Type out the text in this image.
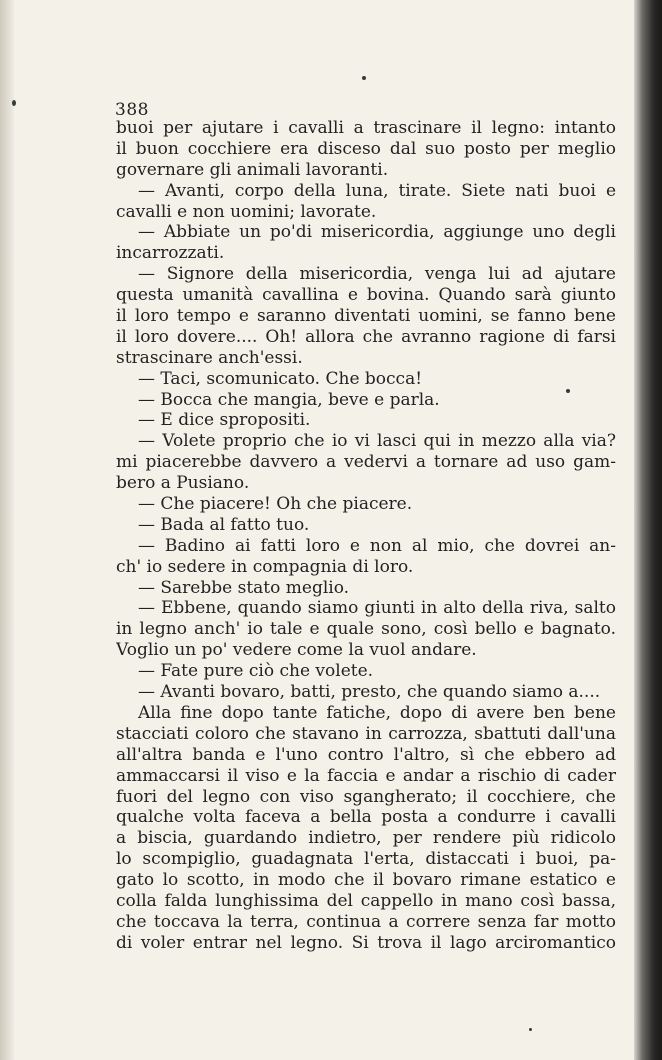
388
buoi per ajutare i cavalli a trascinare il legno: intanto
il buon cocchiere era disceso dal suo posto per meglio
governare gli animali lavoranti.
— Avanti, corpo della luna, tirate. Siete nati buoi e
cavalli e non uomini; lavorate.
— Abbiate un po'di misericordia, aggiunge uno degli
incarrozzati.
— Signore della misericordia, venga lui ad ajutare
questa umanità cavallina e bovina. Quando sarà giunto
il loro tempo e saranno diventati uomini, se fanno bene
il loro dovere.... Oh! allora che avranno ragione di farsi
strascinare anch'essi.
— Taci, scomunicato. Che bocca!
— Bocca che mangia, beve e parla.
— E dice spropositi.
— Volete proprio che io vi lasci qui in mezzo alla via?
mi piacerebbe davvero a vedervi a tornare ad uso gam-
bero a Pusiano.
— Che piacere! Oh che piacere.
— Bada al fatto tuo.
— Badino ai fatti loro e non al mio, che dovrei an-
ch' io sedere in compagnia di loro.
— Sarebbe stato meglio.
— Ebbene, quando siamo giunti in alto della riva, salto
in legno anch' io tale e quale sono, così bello e bagnato.
Voglio un po' vedere come la vuol andare.
— Fate pure ciò che volete.
— Avanti bovaro, batti, presto, che quando siamo a....
Alla fine dopo tante fatiche, dopo di avere ben bene
stacciati coloro che stavano in carrozza, sbattuti dall'una
all'altra banda e l'uno contro l'altro, sì che ebbero ad
ammaccarsi il viso e la faccia e andar a rischio di cader
fuori del legno con viso sgangherato; il cocchiere, che
qualche volta faceva a bella posta a condurre i cavalli
a biscia, guardando indietro, per rendere più ridicolo
lo scompiglio, guadagnata l'erta, distaccati i buoi, pa-
gato lo scotto, in modo che il bovaro rimane estatico e
colla falda lunghissima del cappello in mano così bassa,
che toccava la terra, continua a correre senza far motto
di voler entrar nel legno. Si trova il lago arciromantico
